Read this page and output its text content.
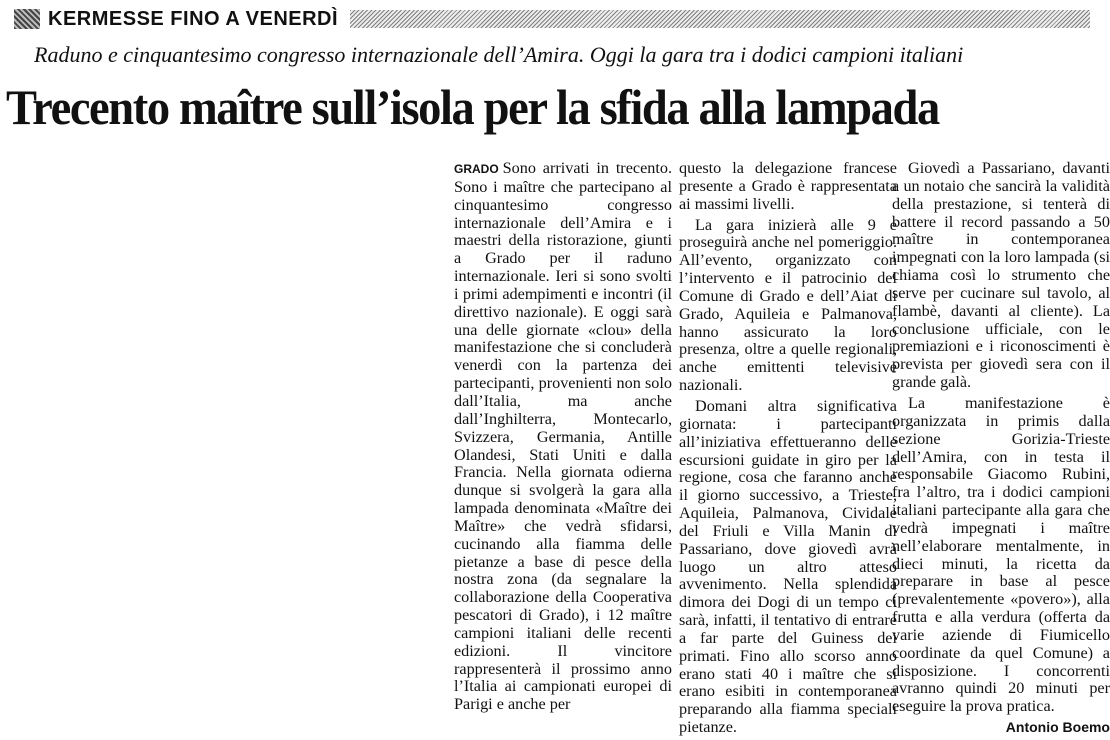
KERMESSE FINO A VENERDÌ
Raduno e cinquantesimo congresso internazionale dell’Amira. Oggi la gara tra i dodici campioni italiani
Trecento maître sull’isola per la sfida alla lampada

GRADO Sono arrivati in trecento. Sono i maître che partecipano al cinquantesimo congresso internazionale dell’Amira e i maestri della ristorazione, giunti a Grado per il raduno internazionale. Ieri si sono svolti i primi adempimenti e incontri (il direttivo nazionale). E oggi sarà una delle giornate «clou» della manifestazione che si concluderà venerdì con la partenza dei partecipanti, provenienti non solo dall’Italia, ma anche dall’Inghilterra, Montecarlo, Svizzera, Germania, Antille Olandesi, Stati Uniti e dalla Francia. Nella giornata odierna dunque si svolgerà la gara alla lampada denominata «Maître dei Maître» che vedrà sfidarsi, cucinando alla fiamma delle pietanze a base di pesce della nostra zona (da segnalare la collaborazione della Cooperativa pescatori di Grado), i 12 maître campioni italiani delle recenti edizioni. Il vincitore rappresenterà il prossimo anno l’Italia ai campionati europei di Parigi e anche per

questo la delegazione francese presente a Grado è rappresentata ai massimi livelli.

La gara inizierà alle 9 e proseguirà anche nel pomeriggio. All’evento, organizzato con l’intervento e il patrocinio del Comune di Grado e dell’Aiat di Grado, Aquileia e Palmanova, hanno assicurato la loro presenza, oltre a quelle regionali, anche emittenti televisive nazionali.

Domani altra significativa giornata: i partecipanti all’iniziativa effettueranno delle escursioni guidate in giro per la regione, cosa che faranno anche il giorno successivo, a Trieste, Aquileia, Palmanova, Cividale del Friuli e Villa Manin di Passariano, dove giovedì avrà luogo un altro atteso avvenimento. Nella splendida dimora dei Dogi di un tempo ci sarà, infatti, il tentativo di entrare a far parte del Guiness dei primati. Fino allo scorso anno erano stati 40 i maître che si erano esibiti in contemporanea preparando alla fiamma speciali pietanze.

Giovedì a Passariano, davanti a un notaio che sancirà la validità della prestazione, si tenterà di battere il record passando a 50 maître in contemporanea impegnati con la loro lampada (si chiama così lo strumento che serve per cucinare sul tavolo, al flambè, davanti al cliente). La conclusione ufficiale, con le premiazioni e i riconoscimenti è prevista per giovedì sera con il grande galà.

La manifestazione è organizzata in primis dalla sezione Gorizia-Trieste dell’Amira, con in testa il responsabile Giacomo Rubini, fra l’altro, tra i dodici campioni italiani partecipante alla gara che vedrà impegnati i maître nell’elaborare mentalmente, in dieci minuti, la ricetta da preparare in base al pesce (prevalentemente «povero»), alla frutta e alla verdura (offerta da varie aziende di Fiumicello coordinate da quel Comune) a disposizione. I concorrenti avranno quindi 20 minuti per eseguire la prova pratica.

Antonio Boemo
